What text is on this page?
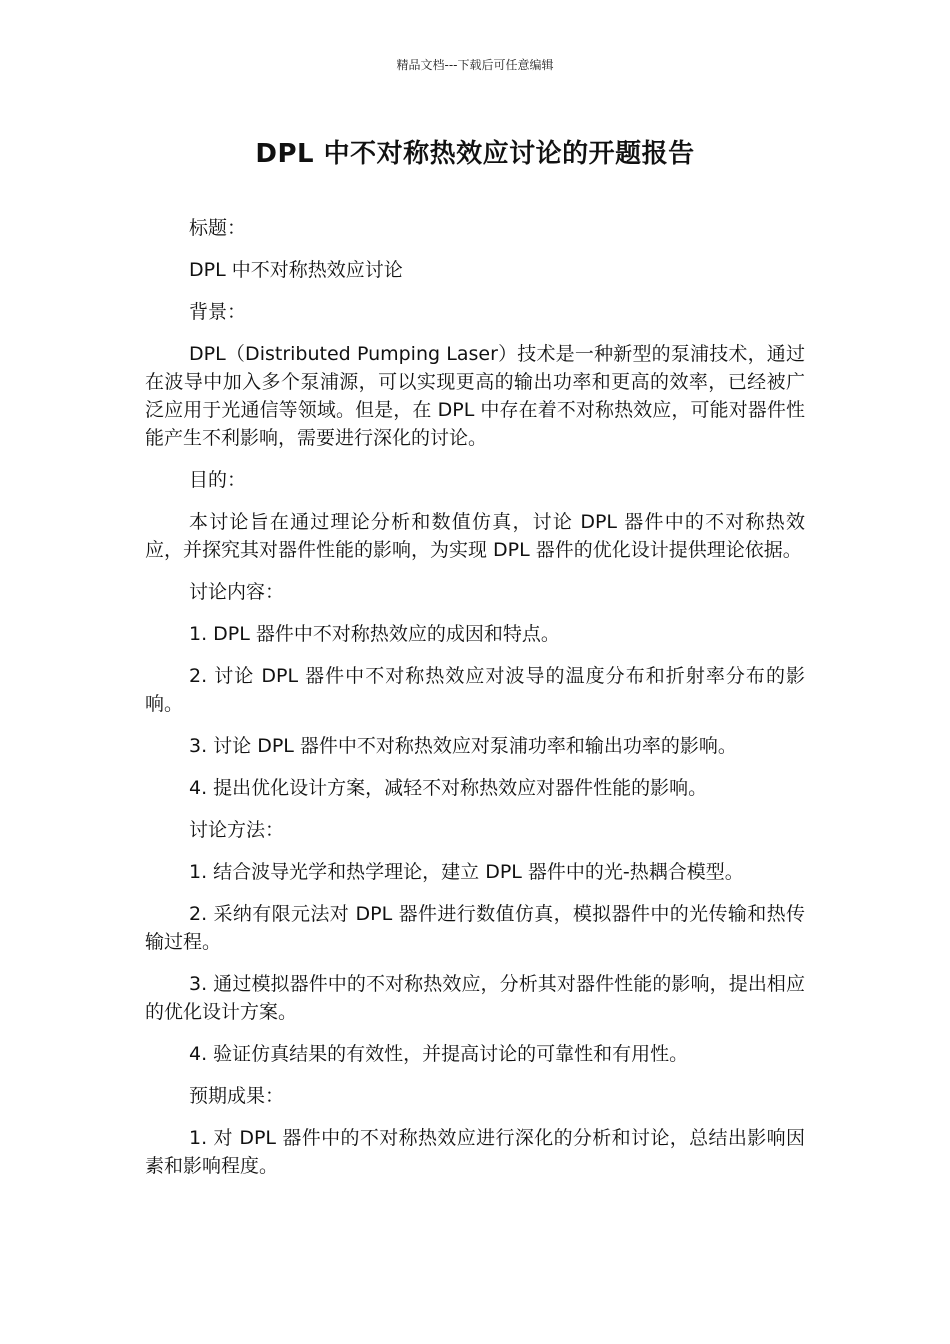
精品文档---下载后可任意编辑
DPL 中不对称热效应讨论的开题报告

标题：

DPL 中不对称热效应讨论

背景：

DPL（Distributed Pumping Laser）技术是一种新型的泵浦技术，通过在波导中加入多个泵浦源，可以实现更高的输出功率和更高的效率，已经被广泛应用于光通信等领域。但是，在 DPL 中存在着不对称热效应，可能对器件性能产生不利影响，需要进行深化的讨论。

目的：

本讨论旨在通过理论分析和数值仿真，讨论 DPL 器件中的不对称热效应，并探究其对器件性能的影响，为实现 DPL 器件的优化设计提供理论依据。

讨论内容：

1. DPL 器件中不对称热效应的成因和特点。

2. 讨论 DPL 器件中不对称热效应对波导的温度分布和折射率分布的影响。

3. 讨论 DPL 器件中不对称热效应对泵浦功率和输出功率的影响。

4. 提出优化设计方案，减轻不对称热效应对器件性能的影响。

讨论方法：

1. 结合波导光学和热学理论，建立 DPL 器件中的光-热耦合模型。

2. 采纳有限元法对 DPL 器件进行数值仿真，模拟器件中的光传输和热传输过程。

3. 通过模拟器件中的不对称热效应，分析其对器件性能的影响，提出相应的优化设计方案。

4. 验证仿真结果的有效性，并提高讨论的可靠性和有用性。

预期成果：

1. 对 DPL 器件中的不对称热效应进行深化的分析和讨论，总结出影响因素和影响程度。
